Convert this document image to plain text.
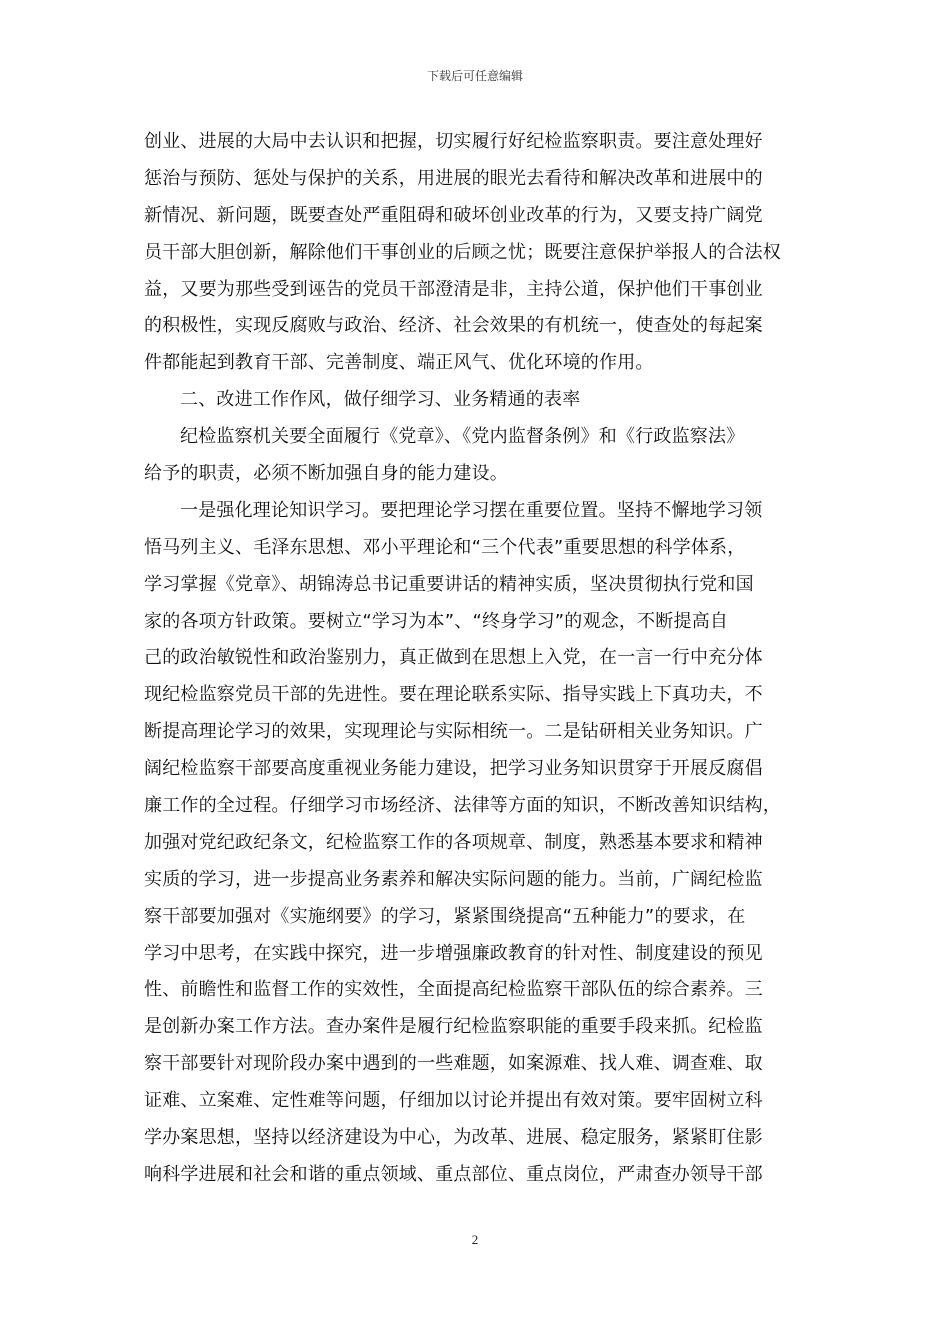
下载后可任意编辑
创业、进展的大局中去认识和把握，切实履行好纪检监察职责。要注意处理好
惩治与预防、惩处与保护的关系，用进展的眼光去看待和解决改革和进展中的
新情况、新问题，既要查处严重阻碍和破坏创业改革的行为，又要支持广阔党
员干部大胆创新，解除他们干事创业的后顾之忧；既要注意保护举报人的合法权
益，又要为那些受到诬告的党员干部澄清是非，主持公道，保护他们干事创业
的积极性，实现反腐败与政治、经济、社会效果的有机统一，使查处的每起案
件都能起到教育干部、完善制度、端正风气、优化环境的作用。
二、改进工作作风，做仔细学习、业务精通的表率
纪检监察机关要全面履行《党章》、《党内监督条例》和《行政监察法》
给予的职责，必须不断加强自身的能力建设。
一是强化理论知识学习。要把理论学习摆在重要位置。坚持不懈地学习领
悟马列主义、毛泽东思想、邓小平理论和“三个代表”重要思想的科学体系，
学习掌握《党章》、胡锦涛总书记重要讲话的精神实质，坚决贯彻执行党和国
家的各项方针政策。要树立“学习为本”、“终身学习”的观念，不断提高自
己的政治敏锐性和政治鉴别力，真正做到在思想上入党，在一言一行中充分体
现纪检监察党员干部的先进性。要在理论联系实际、指导实践上下真功夫，不
断提高理论学习的效果，实现理论与实际相统一。二是钻研相关业务知识。广
阔纪检监察干部要高度重视业务能力建设，把学习业务知识贯穿于开展反腐倡
廉工作的全过程。仔细学习市场经济、法律等方面的知识，不断改善知识结构，
加强对党纪政纪条文，纪检监察工作的各项规章、制度，熟悉基本要求和精神
实质的学习，进一步提高业务素养和解决实际问题的能力。当前，广阔纪检监
察干部要加强对《实施纲要》的学习，紧紧围绕提高“五种能力”的要求，在
学习中思考，在实践中探究，进一步增强廉政教育的针对性、制度建设的预见
性、前瞻性和监督工作的实效性，全面提高纪检监察干部队伍的综合素养。三
是创新办案工作方法。查办案件是履行纪检监察职能的重要手段来抓。纪检监
察干部要针对现阶段办案中遇到的一些难题，如案源难、找人难、调查难、取
证难、立案难、定性难等问题，仔细加以讨论并提出有效对策。要牢固树立科
学办案思想，坚持以经济建设为中心，为改革、进展、稳定服务，紧紧盯住影
响科学进展和社会和谐的重点领域、重点部位、重点岗位，严肃查办领导干部
2
